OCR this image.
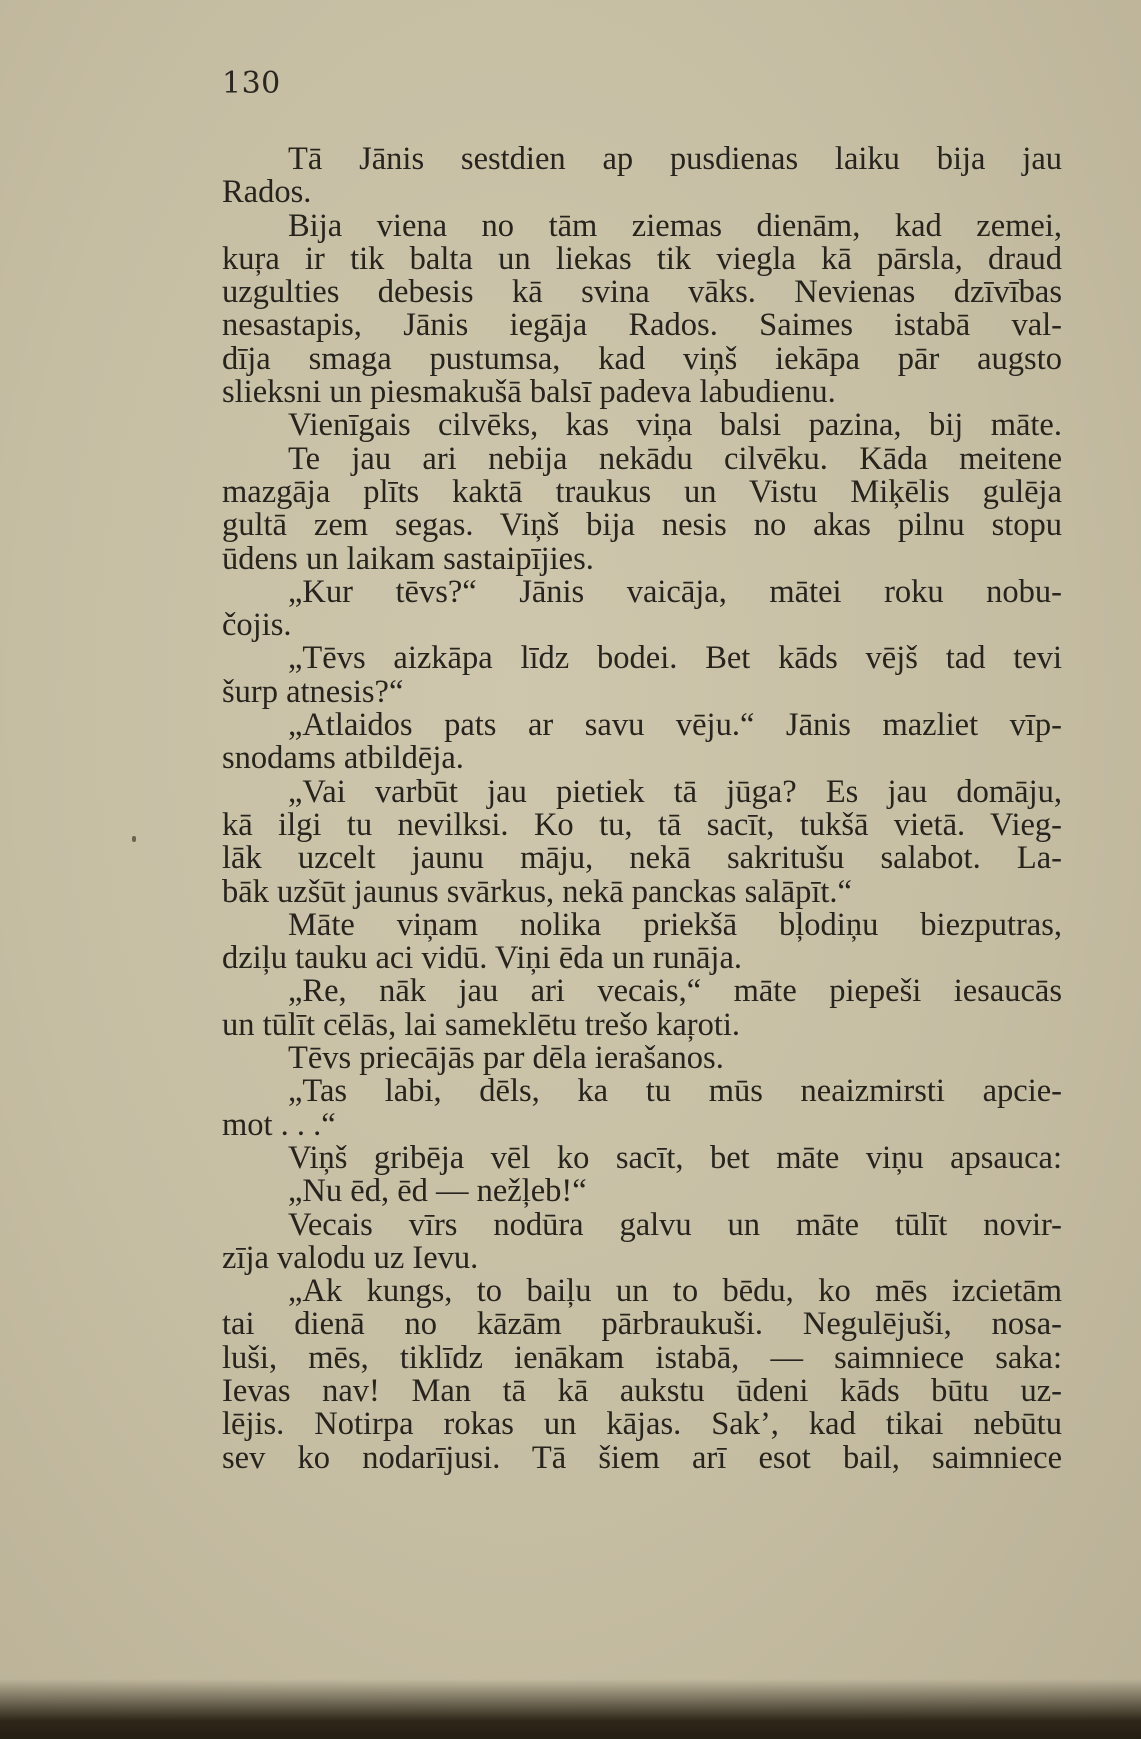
130
Tā Jānis sestdien ap pusdienas laiku bija jau
Rados.
Bija viena no tām ziemas dienām, kad zemei,
kuŗa ir tik balta un liekas tik viegla kā pārsla, draud
uzgulties debesis kā svina vāks. Nevienas dzīvības
nesastapis, Jānis iegāja Rados. Saimes istabā val-
dīja smaga pustumsa, kad viņš iekāpa pār augsto
slieksni un piesmakušā balsī padeva labudienu.
Vienīgais cilvēks, kas viņa balsi pazina, bij māte.
Te jau ari nebija nekādu cilvēku. Kāda meitene
mazgāja plīts kaktā traukus un Vistu Miķēlis gulēja
gultā zem segas. Viņš bija nesis no akas pilnu stopu
ūdens un laikam sastaipījies.
„Kur tēvs?“ Jānis vaicāja, mātei roku nobu-
čojis.
„Tēvs aizkāpa līdz bodei. Bet kāds vējš tad tevi
šurp atnesis?“
„Atlaidos pats ar savu vēju.“ Jānis mazliet vīp-
snodams atbildēja.
„Vai varbūt jau pietiek tā jūga? Es jau domāju,
kā ilgi tu nevilksi. Ko tu, tā sacīt, tukšā vietā. Vieg-
lāk uzcelt jaunu māju, nekā sakritušu salabot. La-
bāk uzšūt jaunus svārkus, nekā panckas salāpīt.“
Māte viņam nolika priekšā bļodiņu biezputras,
dziļu tauku aci vidū. Viņi ēda un runāja.
„Re, nāk jau ari vecais,“ māte piepeši iesaucās
un tūlīt cēlās, lai sameklētu trešo kaŗoti.
Tēvs priecājās par dēla ierašanos.
„Tas labi, dēls, ka tu mūs neaizmirsti apcie-
mot . . .“
Viņš gribēja vēl ko sacīt, bet māte viņu apsauca:
„Nu ēd, ēd — nežļeb!“
Vecais vīrs nodūra galvu un māte tūlīt novir-
zīja valodu uz Ievu.
„Ak kungs, to baiļu un to bēdu, ko mēs izcietām
tai dienā no kāzām pārbraukuši. Negulējuši, nosa-
luši, mēs, tiklīdz ienākam istabā, — saimniece saka:
Ievas nav! Man tā kā aukstu ūdeni kāds būtu uz-
lējis. Notirpa rokas un kājas. Sak’, kad tikai nebūtu
sev ko nodarījusi. Tā šiem arī esot bail, saimniece
